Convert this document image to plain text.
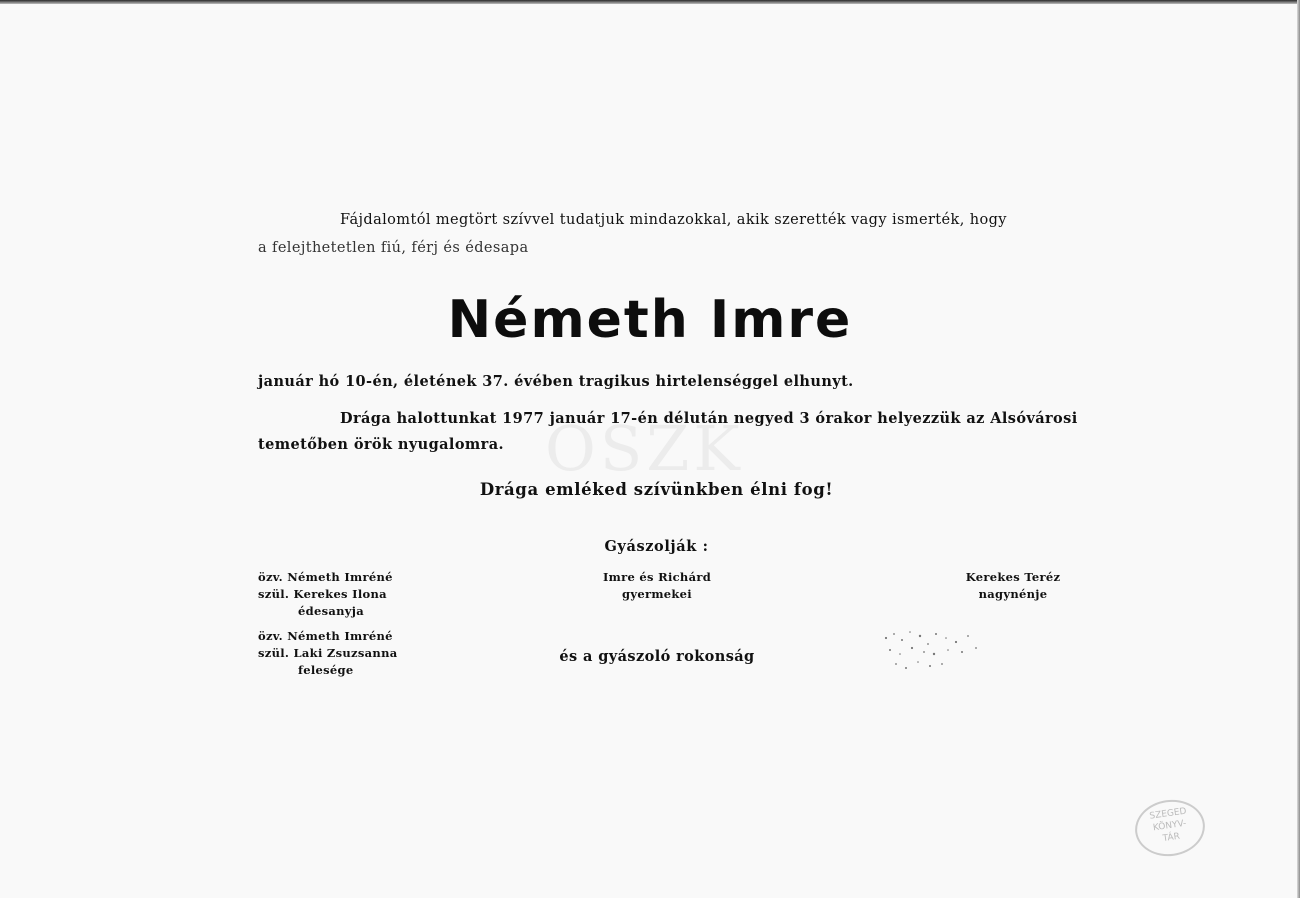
OSZK
Fájdalomtól megtört szívvel tudatjuk mindazokkal, akik szerették vagy ismerték, hogy
a felejthetetlen fiú, férj és édesapa
Németh Imre
január hó 10-én, életének 37. évében tragikus hirtelenséggel elhunyt.
Drága halottunkat 1977 január 17-én délután negyed 3 órakor helyezzük az Alsóvárosi
temetőben örök nyugalomra.
Drága emléked szívünkben élni fog!
Gyászolják :
özv. Németh Imréné
szül. Kerekes Ilona
édesanyja
özv. Németh Imréné
szül. Laki Zsuzsanna
felesége
Imre és Richárd
gyermekei
Kerekes Teréz
nagynénje
és a gyászoló rokonság
SZEGED
KÖNYV-
TÁR
